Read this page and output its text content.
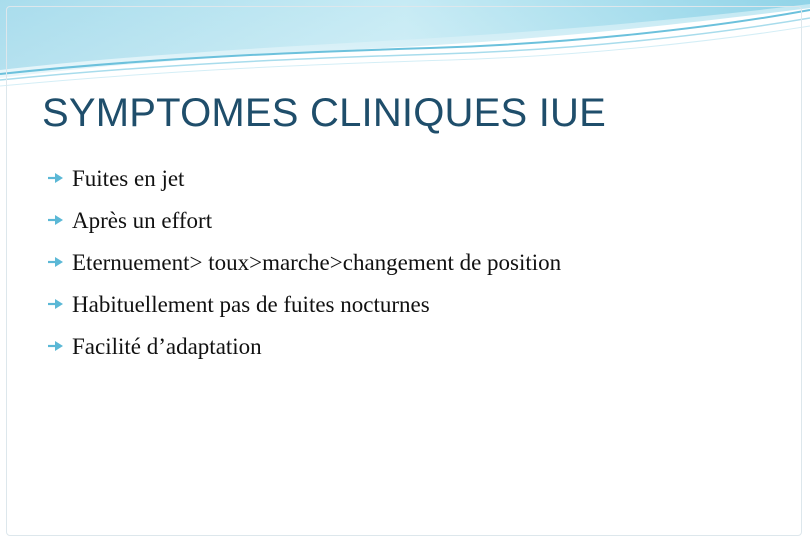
SYMPTOMES CLINIQUES IUE
Fuites en jet
Après un effort
Eternuement> toux>marche>changement de position
Habituellement pas de fuites nocturnes
Facilité d’adaptation
